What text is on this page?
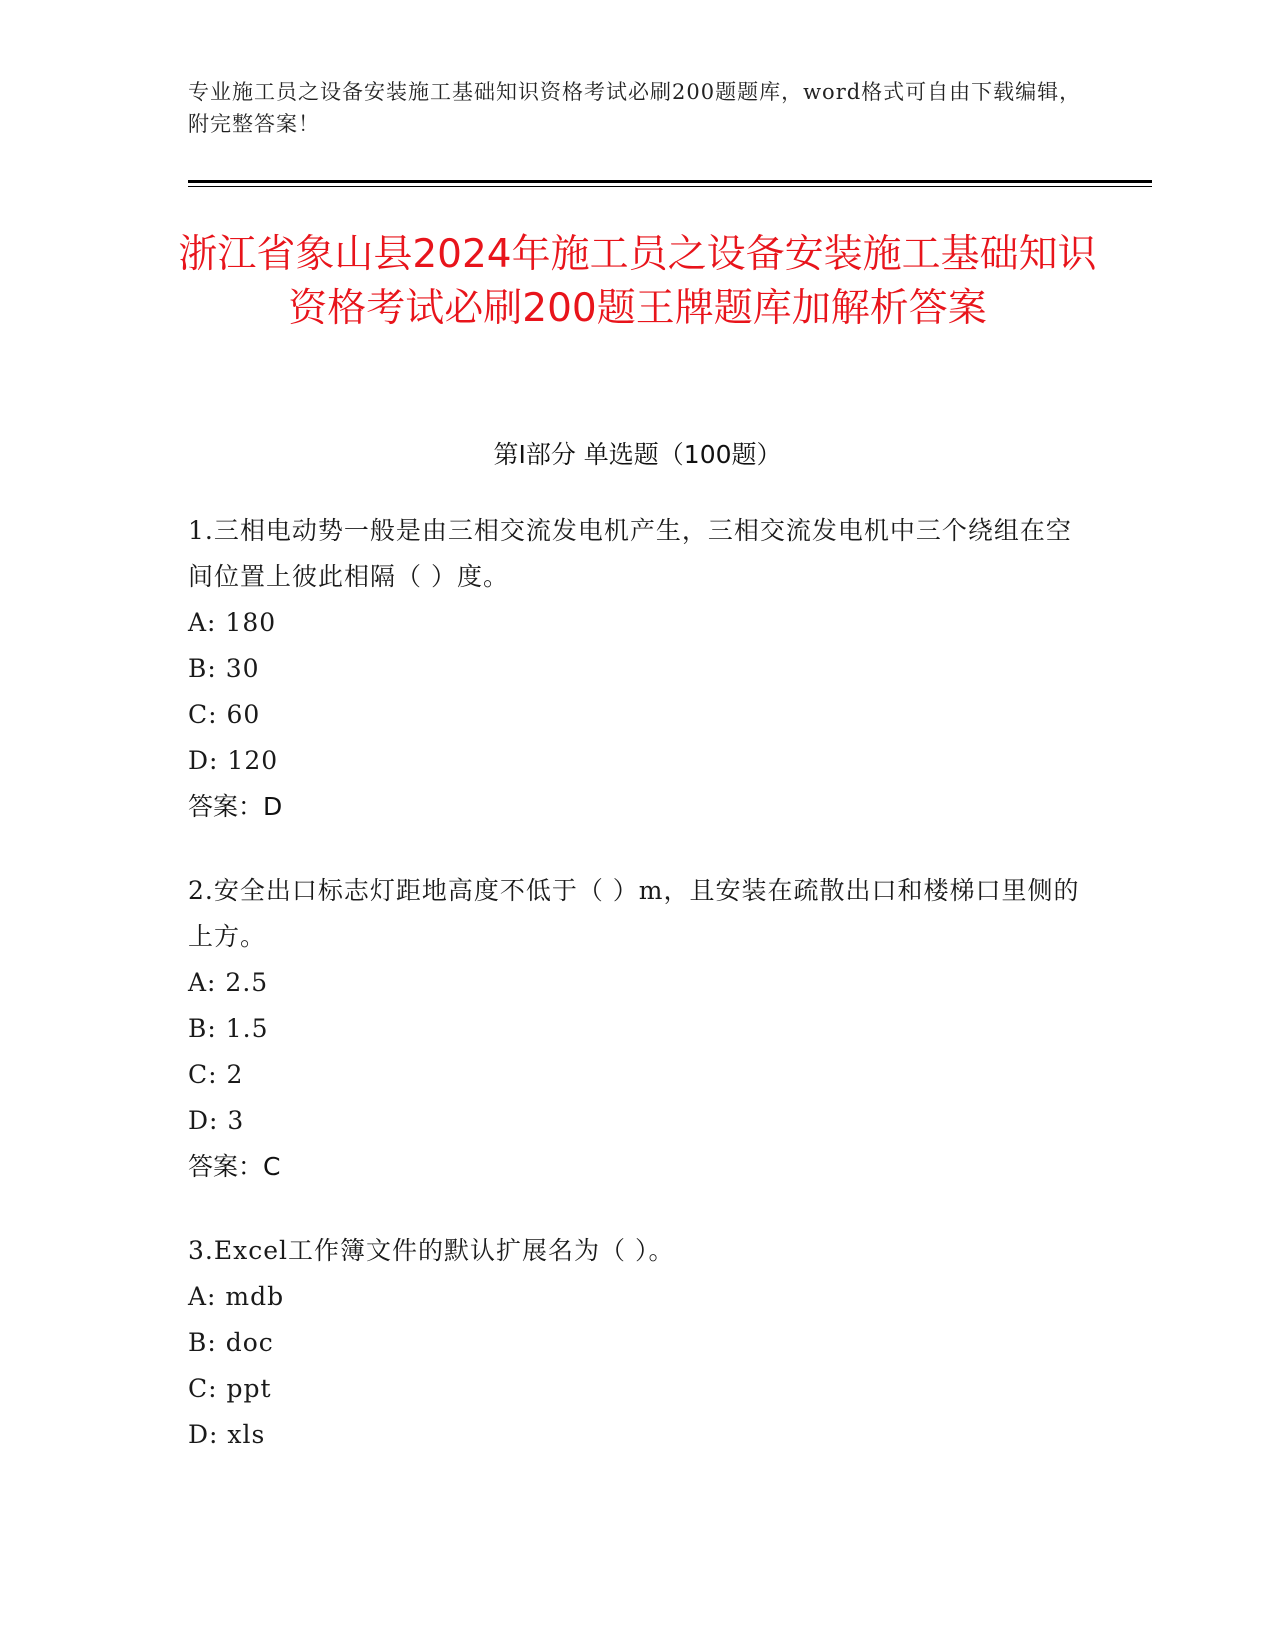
专业施工员之设备安装施工基础知识资格考试必刷200题题库，word格式可自由下载编辑，附完整答案！
浙江省象山县2024年施工员之设备安装施工基础知识资格考试必刷200题王牌题库加解析答案
第Ⅰ部分 单选题（100题）
1.三相电动势一般是由三相交流发电机产生，三相交流发电机中三个绕组在空间位置上彼此相隔（ ）度。
A: 180
B: 30
C: 60
D: 120
答案：D
2.安全出口标志灯距地高度不低于（ ）m，且安装在疏散出口和楼梯口里侧的上方。
A: 2.5
B: 1.5
C: 2
D: 3
答案：C
3.Excel工作簿文件的默认扩展名为（ ）。
A: mdb
B: doc
C: ppt
D: xls
